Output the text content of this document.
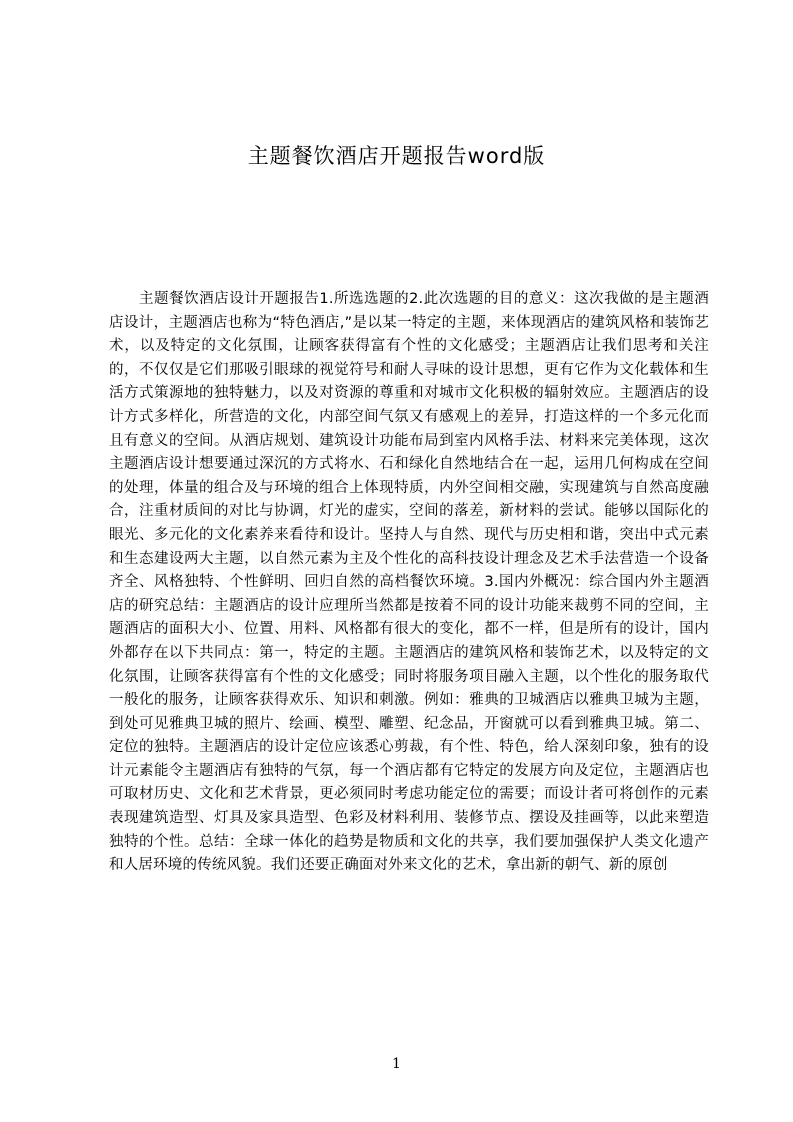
主题餐饮酒店开题报告word版

主题餐饮酒店设计开题报告1.所选选题的2.此次选题的目的意义：这次我做的是主题酒店设计，主题酒店也称为“特色酒店,”是以某一特定的主题，来体现酒店的建筑风格和装饰艺术，以及特定的文化氛围，让顾客获得富有个性的文化感受；主题酒店让我们思考和关注的，不仅仅是它们那吸引眼球的视觉符号和耐人寻味的设计思想，更有它作为文化载体和生活方式策源地的独特魅力，以及对资源的尊重和对城市文化积极的辐射效应。主题酒店的设计方式多样化，所营造的文化，内部空间气氛又有感观上的差异，打造这样的一个多元化而且有意义的空间。从酒店规划、建筑设计功能布局到室内风格手法、材料来完美体现，这次主题酒店设计想要通过深沉的方式将水、石和绿化自然地结合在一起，运用几何构成在空间的处理，体量的组合及与环境的组合上体现特质，内外空间相交融，实现建筑与自然高度融合，注重材质间的对比与协调，灯光的虚实，空间的落差，新材料的尝试。能够以国际化的眼光、多元化的文化素养来看待和设计。坚持人与自然、现代与历史相和谐，突出中式元素和生态建设两大主题，以自然元素为主及个性化的高科技设计理念及艺术手法营造一个设备齐全、风格独特、个性鲜明、回归自然的高档餐饮环境。3.国内外概况：综合国内外主题酒店的研究总结：主题酒店的设计应理所当然都是按着不同的设计功能来裁剪不同的空间，主题酒店的面积大小、位置、用料、风格都有很大的变化，都不一样，但是所有的设计，国内外都存在以下共同点：第一，特定的主题。主题酒店的建筑风格和装饰艺术，以及特定的文化氛围，让顾客获得富有个性的文化感受；同时将服务项目融入主题，以个性化的服务取代一般化的服务，让顾客获得欢乐、知识和刺激。例如：雅典的卫城酒店以雅典卫城为主题，到处可见雅典卫城的照片、绘画、模型、雕塑、纪念品，开窗就可以看到雅典卫城。第二、定位的独特。主题酒店的设计定位应该悉心剪裁，有个性、特色，给人深刻印象，独有的设计元素能令主题酒店有独特的气氛，每一个酒店都有它特定的发展方向及定位，主题酒店也可取材历史、文化和艺术背景，更必须同时考虑功能定位的需要；而设计者可将创作的元素表现建筑造型、灯具及家具造型、色彩及材料利用、装修节点、摆设及挂画等，以此来塑造独特的个性。总结：全球一体化的趋势是物质和文化的共享，我们要加强保护人类文化遗产和人居环境的传统风貌。我们还要正确面对外来文化的艺术，拿出新的朝气、新的原创

1
